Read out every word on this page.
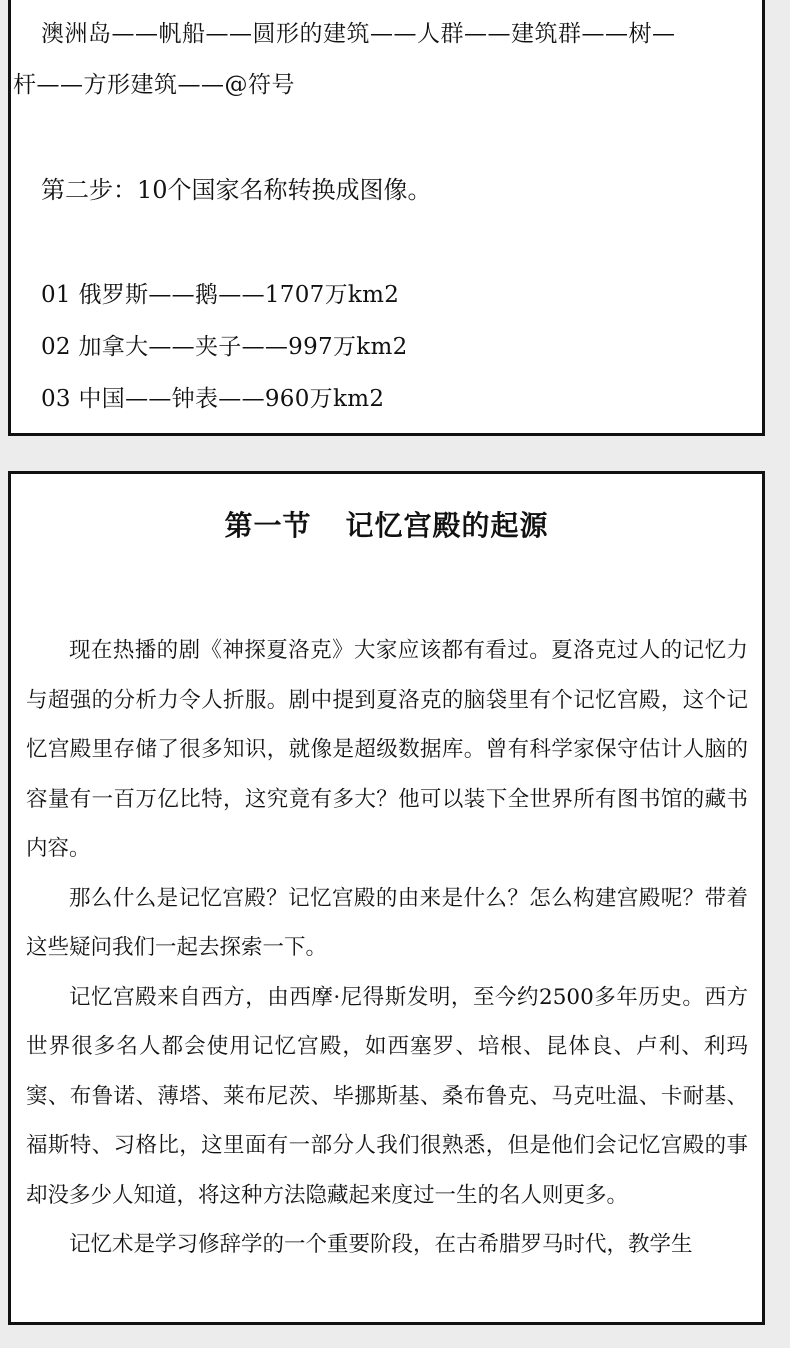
澳洲岛——帆船——圆形的建筑——人群——建筑群——树—
杆——方形建筑——@符号
第二步：10个国家名称转换成图像。
01 俄罗斯——鹅——1707万km2
02 加拿大——夹子——997万km2
03 中国——钟表——960万km2
第一节 记忆宫殿的起源

现在热播的剧《神探夏洛克》大家应该都有看过。夏洛克过人的记忆力与超强的分析力令人折服。剧中提到夏洛克的脑袋里有个记忆宫殿，这个记忆宫殿里存储了很多知识，就像是超级数据库。曾有科学家保守估计人脑的容量有一百万亿比特，这究竟有多大？他可以装下全世界所有图书馆的藏书内容。

那么什么是记忆宫殿？记忆宫殿的由来是什么？怎么构建宫殿呢？带着这些疑问我们一起去探索一下。

记忆宫殿来自西方，由西摩·尼得斯发明，至今约2500多年历史。西方世界很多名人都会使用记忆宫殿，如西塞罗、培根、昆体良、卢利、利玛窦、布鲁诺、薄塔、莱布尼茨、毕挪斯基、桑布鲁克、马克吐温、卡耐基、福斯特、习格比，这里面有一部分人我们很熟悉，但是他们会记忆宫殿的事却没多少人知道，将这种方法隐藏起来度过一生的名人则更多。

记忆术是学习修辞学的一个重要阶段，在古希腊罗马时代，教学生
